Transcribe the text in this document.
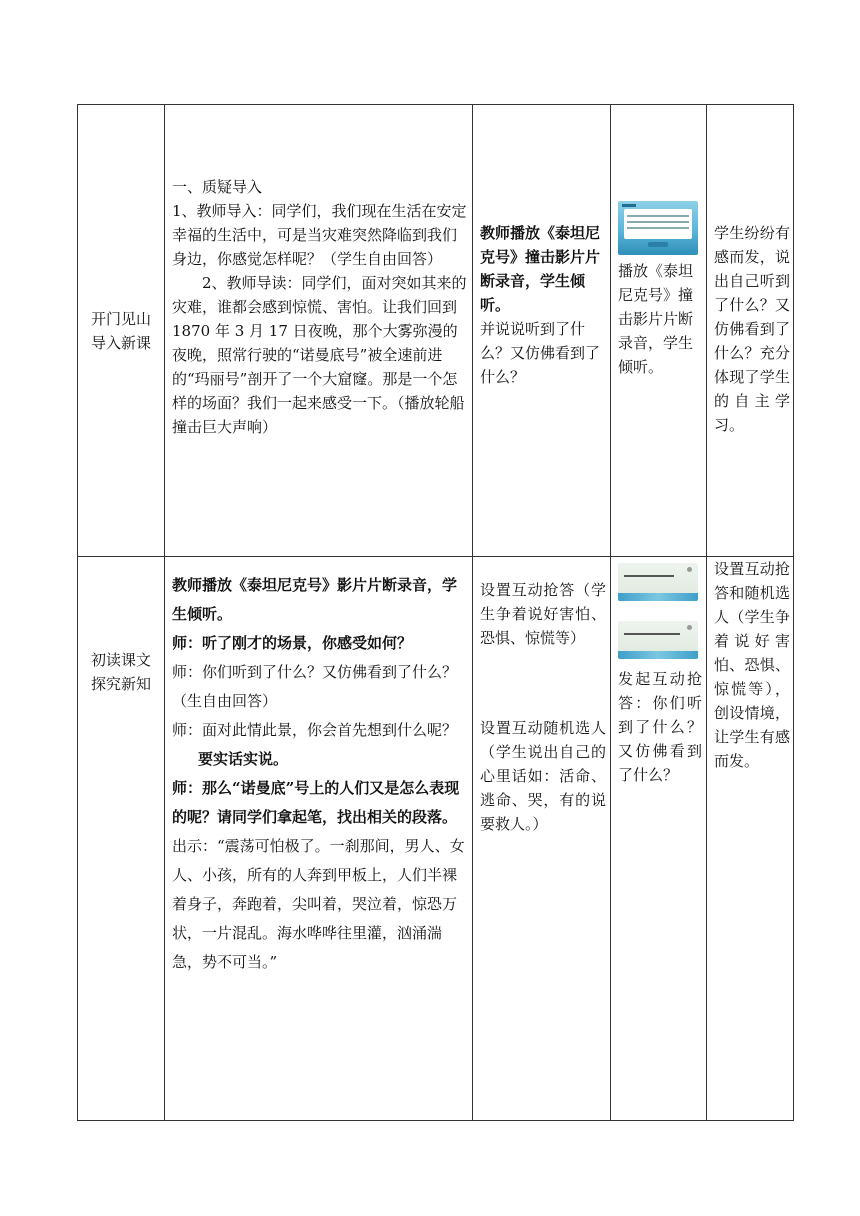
开门见山
导入新课

一、质疑导入

1、教师导入：同学们，我们现在生活在安定幸福的生活中，可是当灾难突然降临到我们身边，你感觉怎样呢？（学生自由回答）

2、教师导读：同学们，面对突如其来的灾难，谁都会感到惊慌、害怕。让我们回到 1870 年 3 月 17 日夜晚，那个大雾弥漫的夜晚，照常行驶的“诺曼底号”被全速前进的“玛丽号”剖开了一个大窟窿。那是一个怎样的场面？我们一起来感受一下。（播放轮船撞击巨大声响）

教师播放《泰坦尼克号》撞击影片片断录音，学生倾听。

并说说听到了什么？又仿佛看到了什么？

播放《泰坦尼克号》撞击影片片断录音，学生倾听。

学生纷纷有感而发，说出自己听到了什么？又仿佛看到了什么？充分体现了学生的自主学习。

初读课文
探究新知

教师播放《泰坦尼克号》影片片断录音，学生倾听。

师：听了刚才的场景，你感受如何？

师：你们听到了什么？又仿佛看到了什么？（生自由回答）

师：面对此情此景，你会首先想到什么呢？要实话实说。

师：那么“诺曼底”号上的人们又是怎么表现的呢？请同学们拿起笔，找出相关的段落。

出示：“震荡可怕极了。一刹那间，男人、女人、小孩，所有的人奔到甲板上，人们半裸着身子，奔跑着，尖叫着，哭泣着，惊恐万状，一片混乱。海水哗哗往里灌，汹涌湍急，势不可当。”

设置互动抢答（学生争着说好害怕、恐惧、惊慌等）

设置互动随机选人（学生说出自己的心里话如：活命、逃命、哭，有的说要救人。）

发起互动抢答：你们听到了什么？又仿佛看到了什么？

设置互动抢答和随机选人（学生争着说好害怕、恐惧、惊慌等），创设情境，让学生有感而发。
